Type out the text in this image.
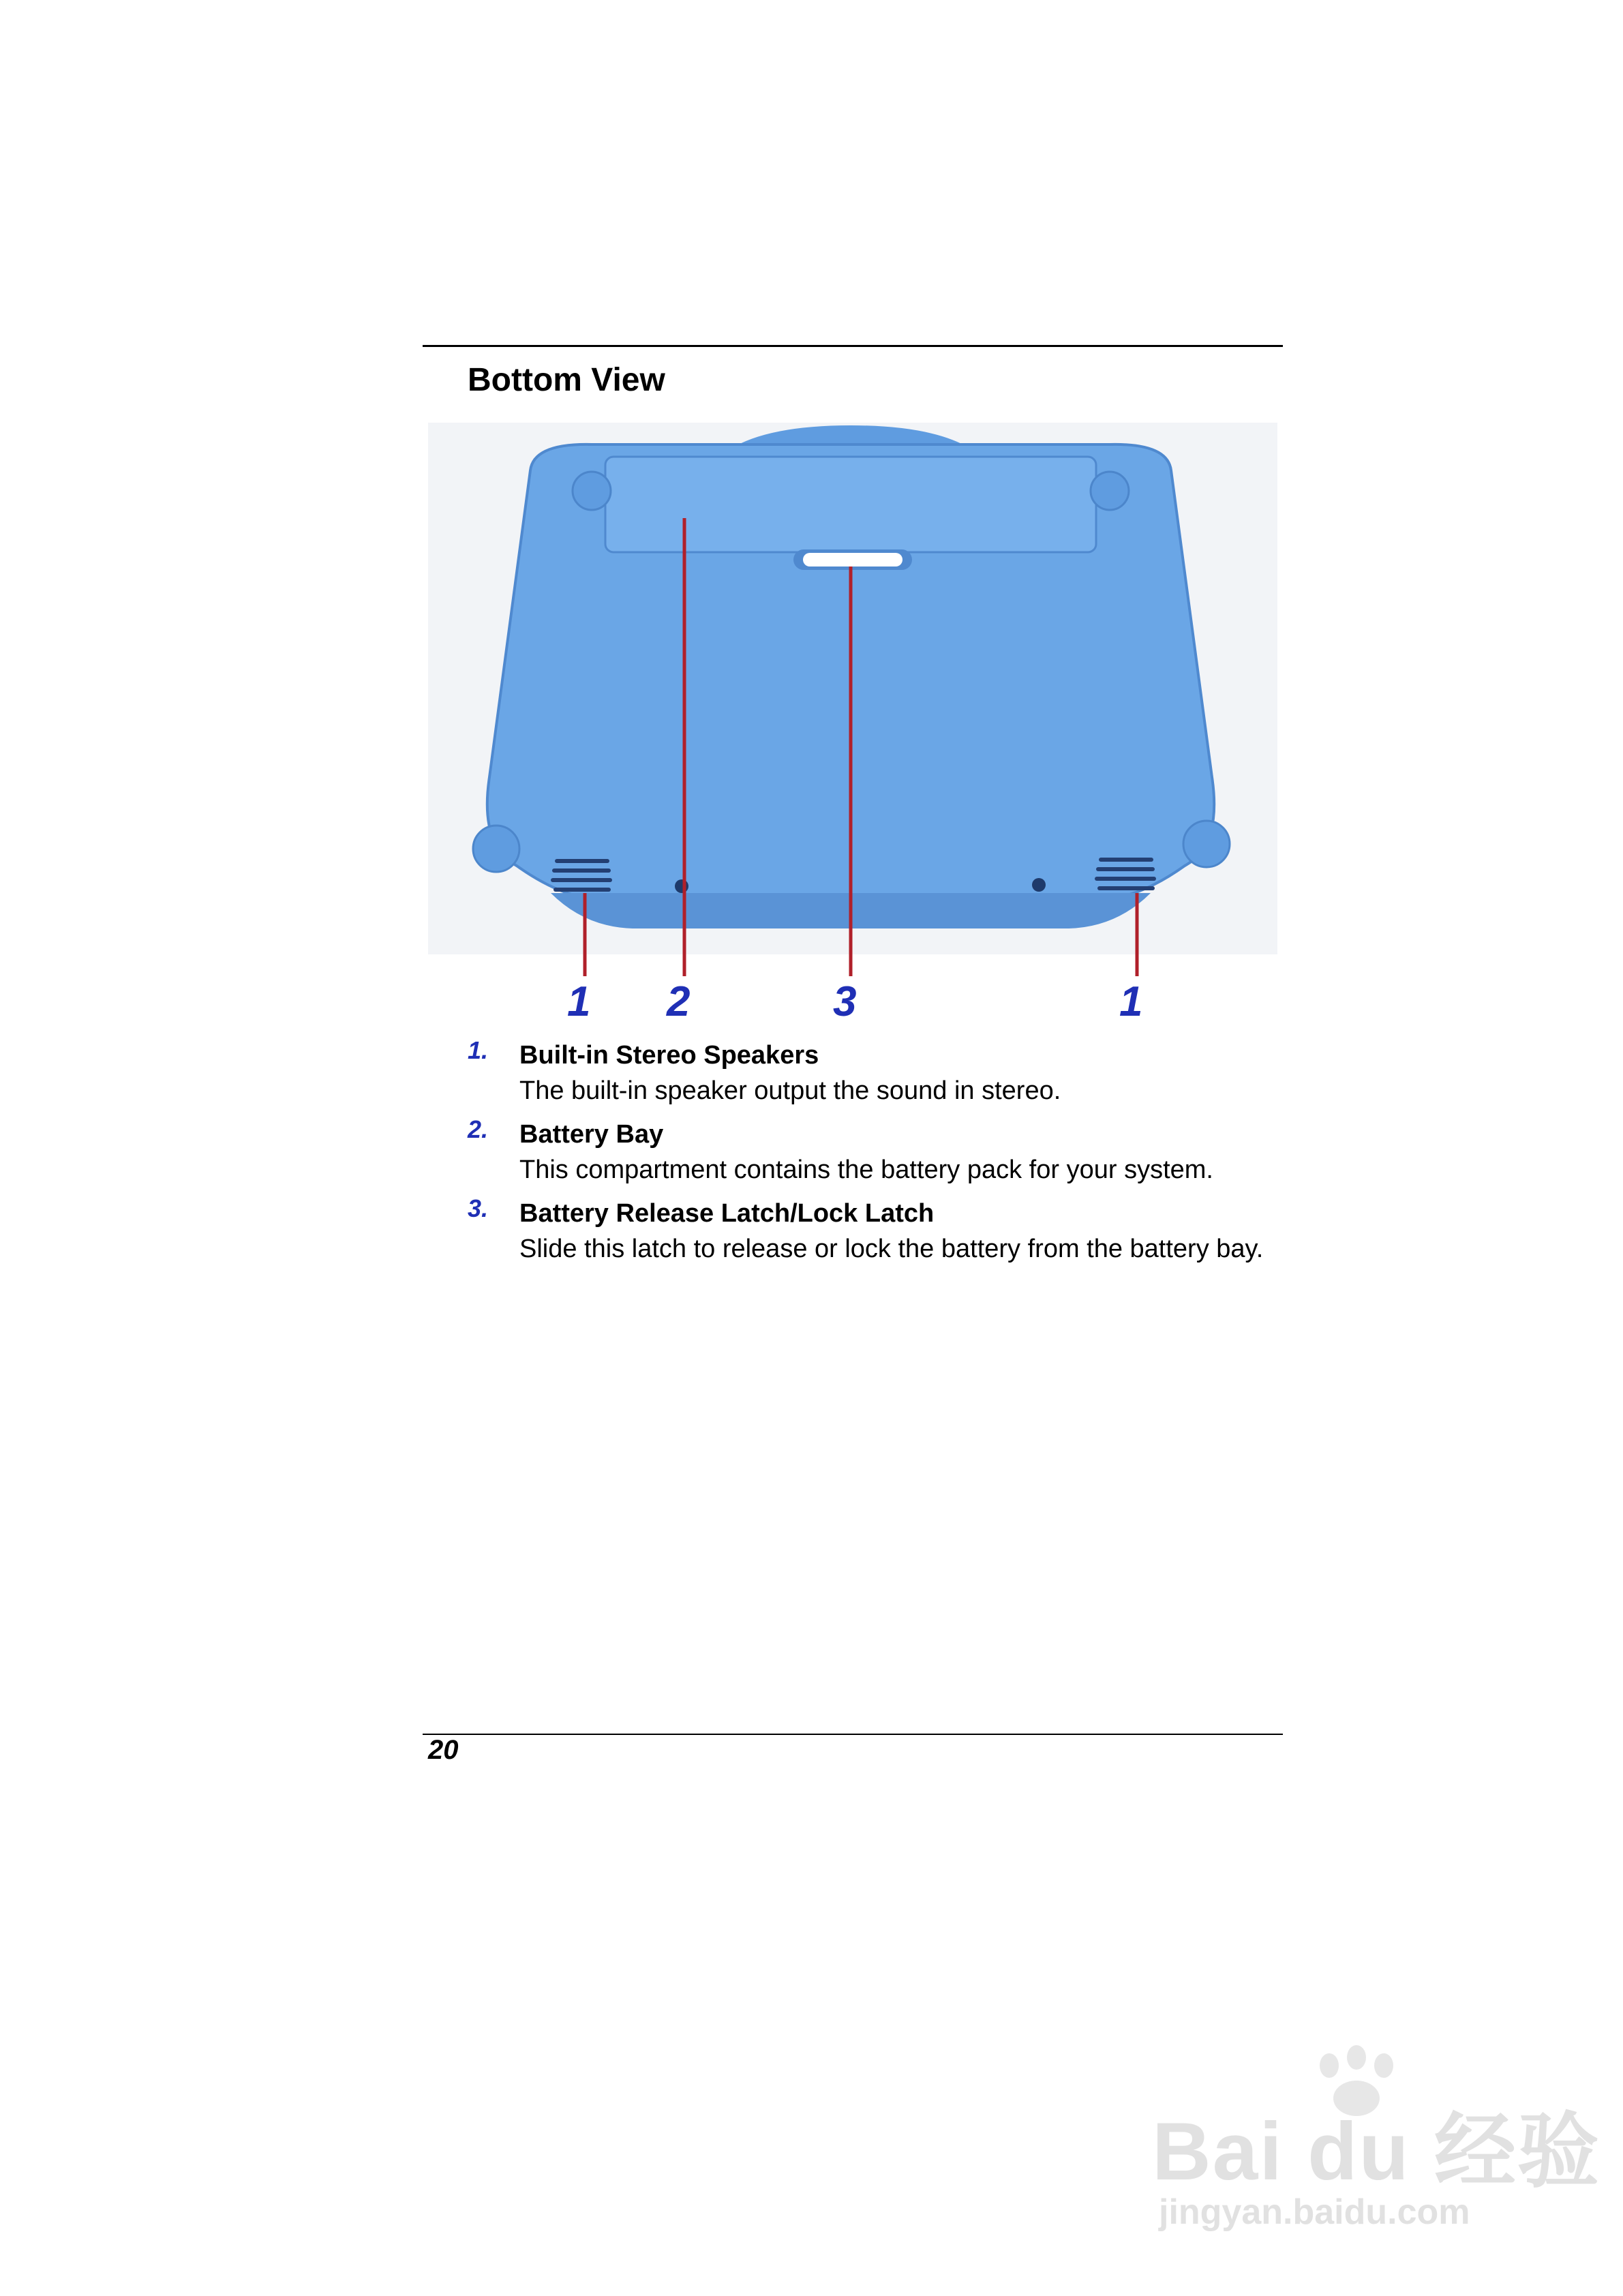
Bottom View
1 2	3	1
1. Built-in Stereo Speakers
The built-in speaker output the sound in stereo.
2. Battery Bay
This compartment contains the battery pack for your system.
3. Battery Release Latch/Lock Latch
Slide this latch to release or lock the battery from the battery bay.
20
Bai du 经验
jingyan.baidu.com
